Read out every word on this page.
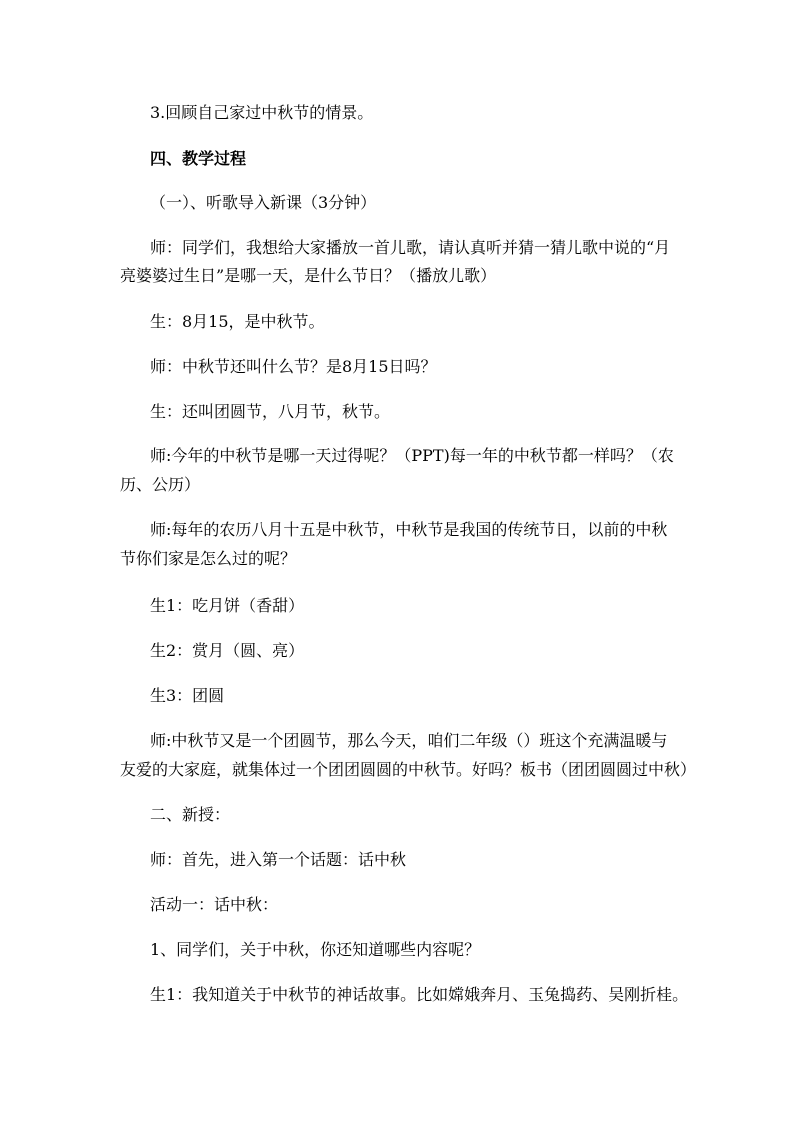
3.回顾自己家过中秋节的情景。
四、教学过程
（一）、听歌导入新课（3分钟）
师：同学们，我想给大家播放一首儿歌，请认真听并猜一猜儿歌中说的“月
亮婆婆过生日”是哪一天，是什么节日？（播放儿歌）
生：8月15，是中秋节。
师：中秋节还叫什么节？是8月15日吗？
生：还叫团圆节，八月节，秋节。
师:今年的中秋节是哪一天过得呢？（PPT)每一年的中秋节都一样吗？（农
历、公历）
师:每年的农历八月十五是中秋节，中秋节是我国的传统节日，以前的中秋
节你们家是怎么过的呢？
生1：吃月饼（香甜）
生2：赏月（圆、亮）
生3：团圆
师:中秋节又是一个团圆节，那么今天，咱们二年级（）班这个充满温暖与
友爱的大家庭，就集体过一个团团圆圆的中秋节。好吗？板书（团团圆圆过中秋）
二、新授：
师：首先，进入第一个话题：话中秋
活动一：话中秋：
1、同学们，关于中秋，你还知道哪些内容呢？
生1：我知道关于中秋节的神话故事。比如嫦娥奔月、玉兔捣药、吴刚折桂。
